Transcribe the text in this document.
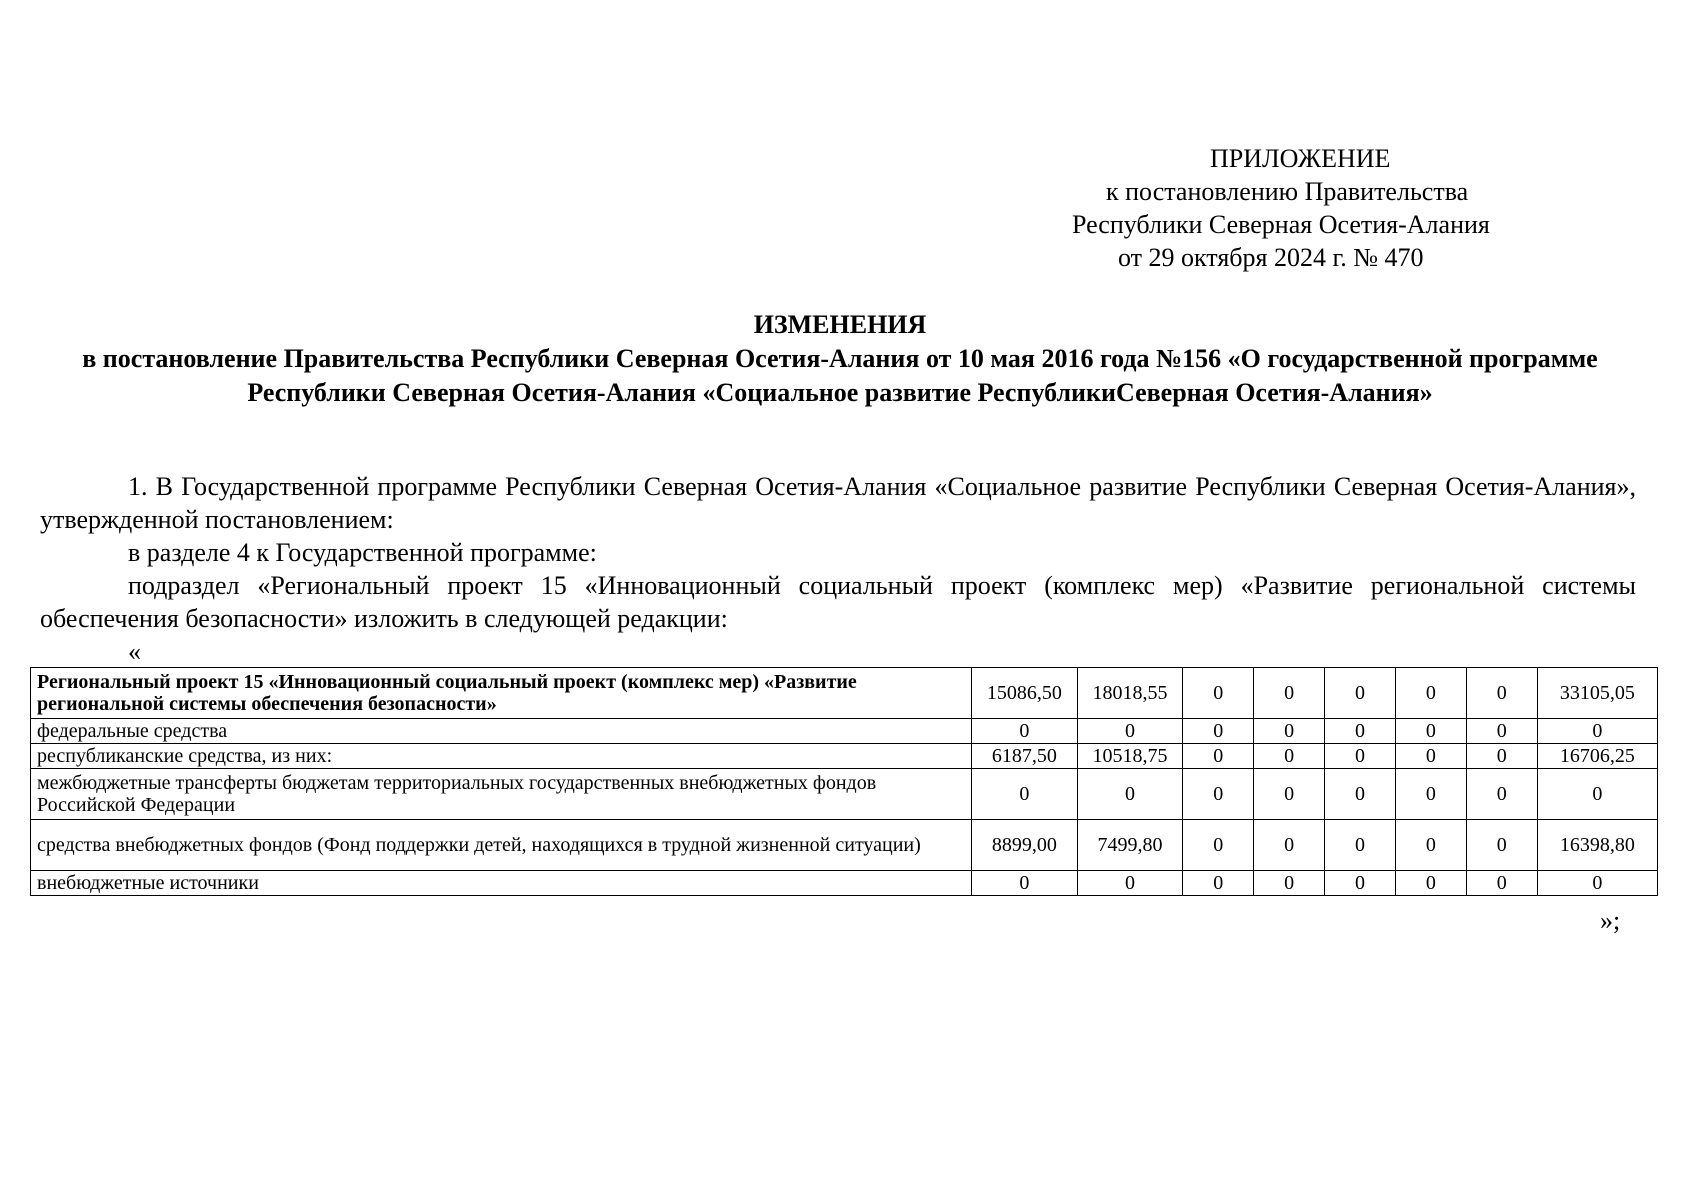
ПРИЛОЖЕНИЕ
к постановлению Правительства
Республики Северная Осетия-Алания
от 29 октября 2024 г. № 470
ИЗМЕНЕНИЯ
в постановление Правительства Республики Северная Осетия-Алания от 10 мая 2016 года №156 «О государственной программе Республики Северная Осетия-Алания «Социальное развитие РеспубликиСеверная Осетия-Алания»

1. В Государственной программе Республики Северная Осетия-Алания «Социальное развитие Республики Северная Осетия-Алания», утвержденной постановлением:

в разделе 4 к Государственной программе:

подраздел «Региональный проект 15 «Инновационный социальный проект (комплекс мер) «Развитие региональной системы обеспечения безопасности» изложить в следующей редакции:

«
Региональный проект 15 «Инновационный социальный проект (комплекс мер) «Развитие региональной системы обеспечения безопасности»	15086,50	18018,55	0	0	0	0	0	33105,05
федеральные средства	0	0	0	0	0	0	0	0
республиканские средства, из них:	6187,50	10518,75	0	0	0	0	0	16706,25
межбюджетные трансферты бюджетам территориальных государственных внебюджетных фондов Российской Федерации	0	0	0	0	0	0	0	0
средства внебюджетных фондов (Фонд поддержки детей, находящихся в трудной жизненной ситуации)	8899,00	7499,80	0	0	0	0	0	16398,80
внебюджетные источники	0	0	0	0	0	0	0	0
»;
